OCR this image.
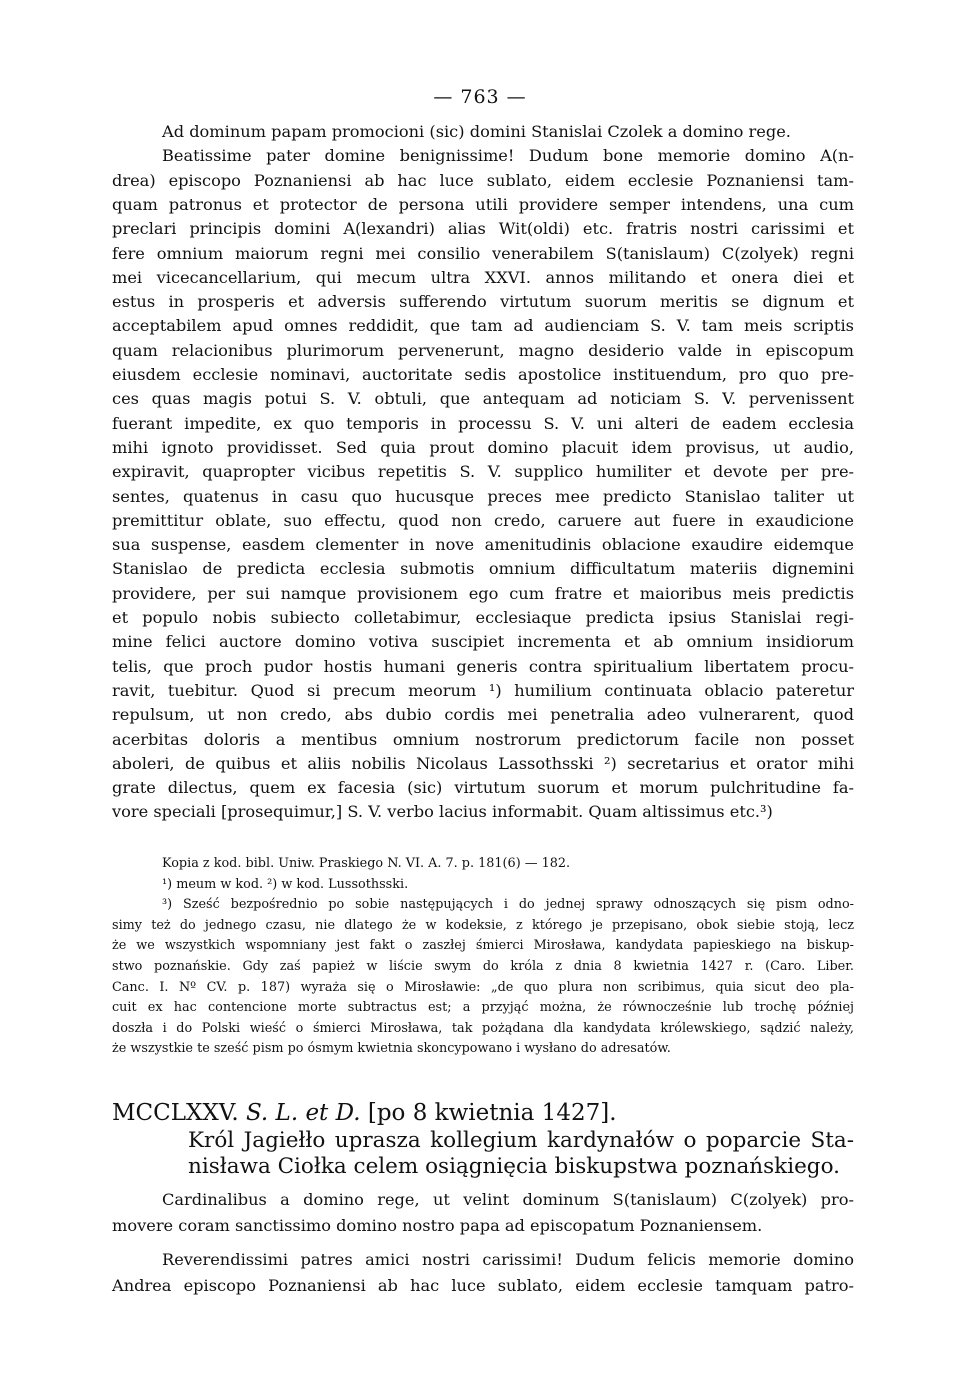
— 763 —
Ad dominum papam promocioni (sic) domini Stanislai Czolek a domino rege.
Beatissime pater domine benignissime! Dudum bone memorie domino A(n-
drea) episcopo Poznaniensi ab hac luce sublato, eidem ecclesie Poznaniensi tam-
quam patronus et protector de persona utili providere semper intendens, una cum
preclari principis domini A(lexandri) alias Wit(oldi) etc. fratris nostri carissimi et
fere omnium maiorum regni mei consilio venerabilem S(tanislaum) C(zolyek) regni
mei vicecancellarium, qui mecum ultra XXVI. annos militando et onera diei et
estus in prosperis et adversis sufferendo virtutum suorum meritis se dignum et
acceptabilem apud omnes reddidit, que tam ad audienciam S. V. tam meis scriptis
quam relacionibus plurimorum pervenerunt, magno desiderio valde in episcopum
eiusdem ecclesie nominavi, auctoritate sedis apostolice instituendum, pro quo pre-
ces quas magis potui S. V. obtuli, que antequam ad noticiam S. V. pervenissent
fuerant impedite, ex quo temporis in processu S. V. uni alteri de eadem ecclesia
mihi ignoto providisset. Sed quia prout domino placuit idem provisus, ut audio,
expiravit, quapropter vicibus repetitis S. V. supplico humiliter et devote per pre-
sentes, quatenus in casu quo hucusque preces mee predicto Stanislao taliter ut
premittitur oblate, suo effectu, quod non credo, caruere aut fuere in exaudicione
sua suspense, easdem clementer in nove amenitudinis oblacione exaudire eidemque
Stanislao de predicta ecclesia submotis omnium difficultatum materiis dignemini
providere, per sui namque provisionem ego cum fratre et maioribus meis predictis
et populo nobis subiecto colletabimur, ecclesiaque predicta ipsius Stanislai regi-
mine felici auctore domino votiva suscipiet incrementa et ab omnium insidiorum
telis, que proch pudor hostis humani generis contra spiritualium libertatem procu-
ravit, tuebitur. Quod si precum meorum ¹) humilium continuata oblacio pateretur
repulsum, ut non credo, abs dubio cordis mei penetralia adeo vulnerarent, quod
acerbitas doloris a mentibus omnium nostrorum predictorum facile non posset
aboleri, de quibus et aliis nobilis Nicolaus Lassothsski ²) secretarius et orator mihi
grate dilectus, quem ex facesia (sic) virtutum suorum et morum pulchritudine fa-
vore speciali [prosequimur,] S. V. verbo lacius informabit. Quam altissimus etc.³)
Kopia z kod. bibl. Uniw. Praskiego N. VI. A. 7. p. 181(6) — 182.
¹) meum w kod. ²) w kod. Lussothsski.
³) Sześć bezpośrednio po sobie następujących i do jednej sprawy odnoszących się pism odno-
simy też do jednego czasu, nie dlatego że w kodeksie, z którego je przepisano, obok siebie stoją, lecz
że we wszystkich wspomniany jest fakt o zaszłej śmierci Mirosława, kandydata papieskiego na biskup-
stwo poznańskie. Gdy zaś papież w liście swym do króla z dnia 8 kwietnia 1427 r. (Caro. Liber.
Canc. I. Nº CV. p. 187) wyraża się o Mirosławie: „de quo plura non scribimus, quia sicut deo pla-
cuit ex hac contencione morte subtractus est; a przyjąć można, że równocześnie lub trochę później
doszła i do Polski wieść o śmierci Mirosława, tak pożądana dla kandydata królewskiego, sądzić należy,
że wszystkie te sześć pism po ósmym kwietnia skoncypowano i wysłano do adresatów.
MCCLXXV. S. L. et D. [po 8 kwietnia 1427].
Król Jagiełło uprasza kollegium kardynałów o poparcie Sta-
nisława Ciołka celem osiągnięcia biskupstwa poznańskiego.
Cardinalibus a domino rege, ut velint dominum S(tanislaum) C(zolyek) pro-
movere coram sanctissimo domino nostro papa ad episcopatum Poznaniensem.
Reverendissimi patres amici nostri carissimi! Dudum felicis memorie domino
Andrea episcopo Poznaniensi ab hac luce sublato, eidem ecclesie tamquam patro-
